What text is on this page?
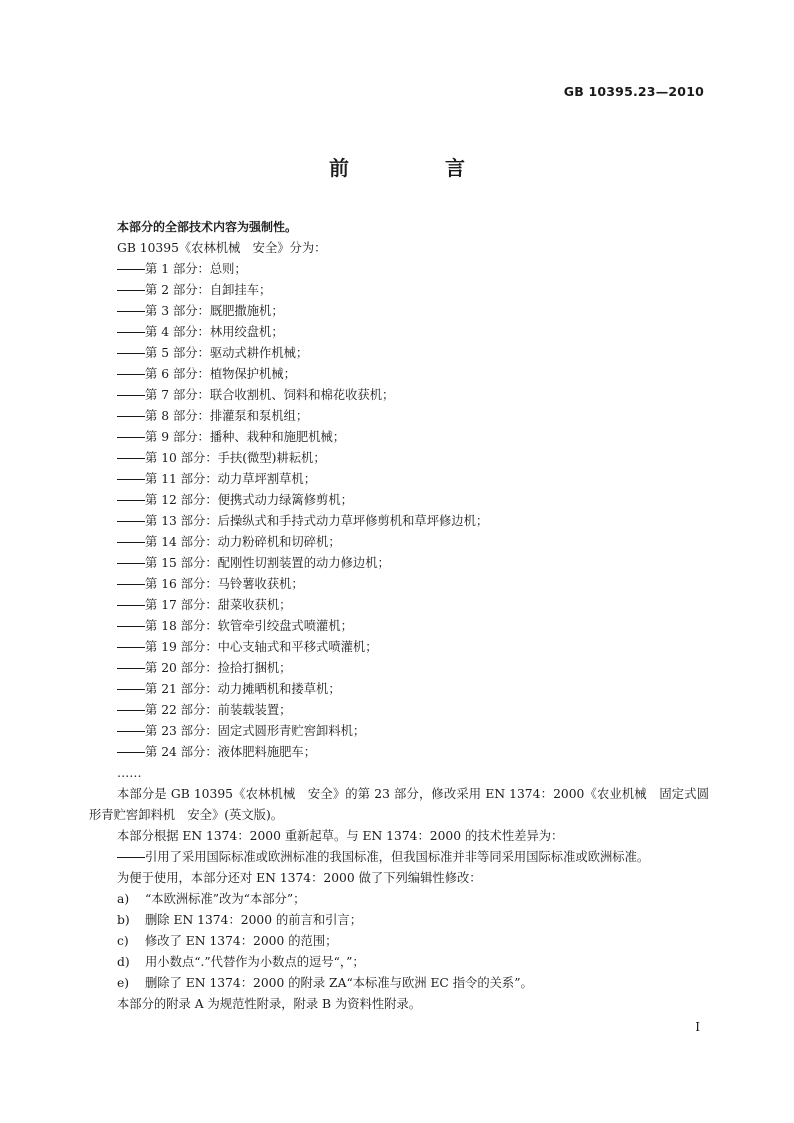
GB 10395.23—2010
前　言
本部分的全部技术内容为强制性。
GB 10395《农林机械　安全》分为：
第 1 部分：总则；
第 2 部分：自卸挂车；
第 3 部分：厩肥撒施机；
第 4 部分：林用绞盘机；
第 5 部分：驱动式耕作机械；
第 6 部分：植物保护机械；
第 7 部分：联合收割机、饲料和棉花收获机；
第 8 部分：排灌泵和泵机组；
第 9 部分：播种、栽种和施肥机械；
第 10 部分：手扶(微型)耕耘机；
第 11 部分：动力草坪割草机；
第 12 部分：便携式动力绿篱修剪机；
第 13 部分：后操纵式和手持式动力草坪修剪机和草坪修边机；
第 14 部分：动力粉碎机和切碎机；
第 15 部分：配刚性切割装置的动力修边机；
第 16 部分：马铃薯收获机；
第 17 部分：甜菜收获机；
第 18 部分：软管牵引绞盘式喷灌机；
第 19 部分：中心支轴式和平移式喷灌机；
第 20 部分：捡拾打捆机；
第 21 部分：动力摊晒机和搂草机；
第 22 部分：前装载装置；
第 23 部分：固定式圆形青贮窖卸料机；
第 24 部分：液体肥料施肥车；
……
本部分是 GB 10395《农林机械　安全》的第 23 部分，修改采用 EN 1374：2000《农业机械　固定式圆形青贮窖卸料机　安全》(英文版)。
本部分根据 EN 1374：2000 重新起草。与 EN 1374：2000 的技术性差异为：
引用了采用国际标准或欧洲标准的我国标准，但我国标准并非等同采用国际标准或欧洲标准。
为便于使用，本部分还对 EN 1374：2000 做了下列编辑性修改：
a) “本欧洲标准”改为“本部分”；
b) 删除 EN 1374：2000 的前言和引言；
c) 修改了 EN 1374：2000 的范围；
d) 用小数点“.”代替作为小数点的逗号“，”；
e) 删除了 EN 1374：2000 的附录 ZA“本标准与欧洲 EC 指令的关系”。
本部分的附录 A 为规范性附录，附录 B 为资料性附录。
I
